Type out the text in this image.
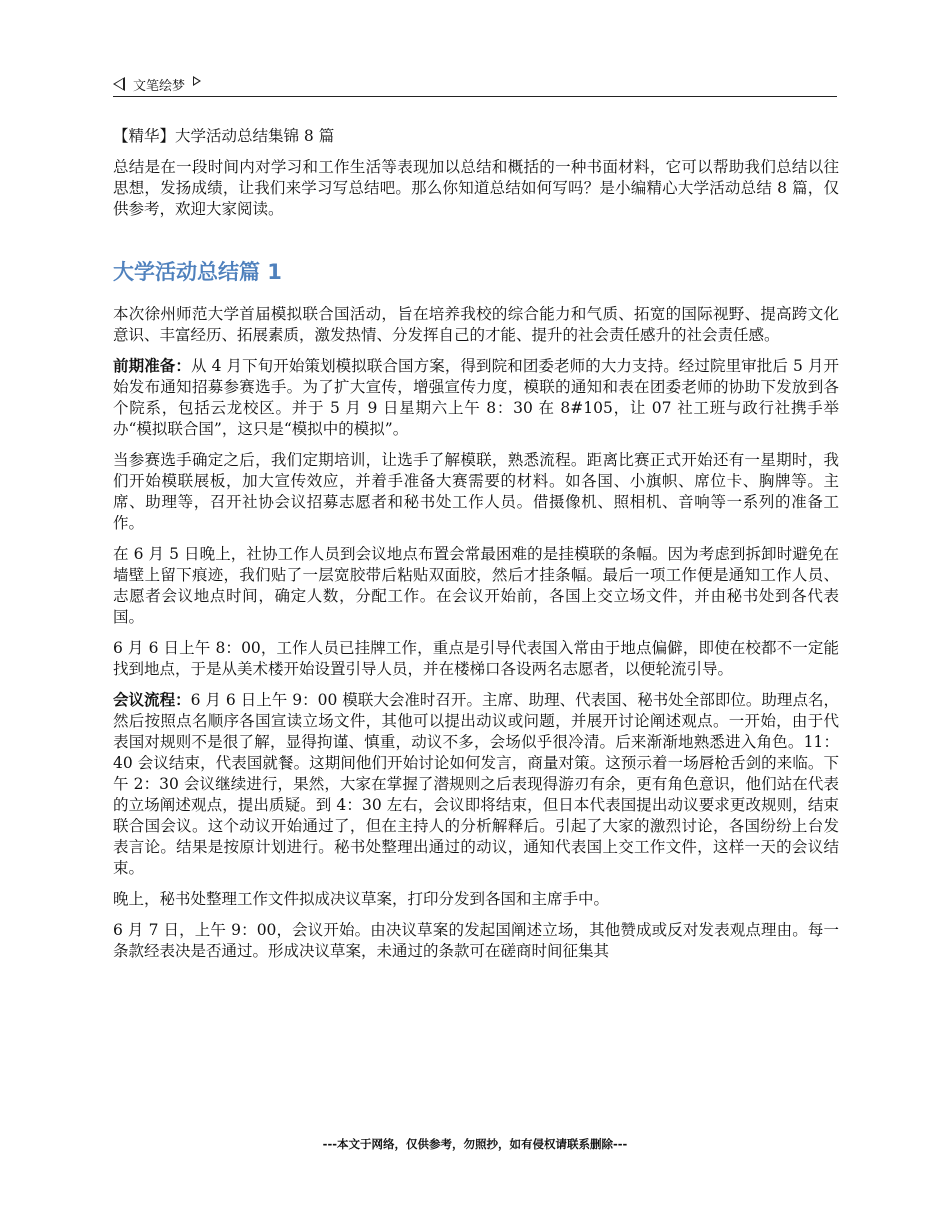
文笔绘梦

【精华】大学活动总结集锦 8 篇

总结是在一段时间内对学习和工作生活等表现加以总结和概括的一种书面材料，它可以帮助我们总结以往思想，发扬成绩，让我们来学习写总结吧。那么你知道总结如何写吗？是小编精心大学活动总结 8 篇，仅供参考，欢迎大家阅读。

大学活动总结篇 1

本次徐州师范大学首届模拟联合国活动，旨在培养我校的综合能力和气质、拓宽的国际视野、提高跨文化意识、丰富经历、拓展素质，激发热情、分发挥自己的才能、提升的社会责任感升的社会责任感。

前期准备：从 4 月下旬开始策划模拟联合国方案，得到院和团委老师的大力支持。经过院里审批后 5 月开始发布通知招募参赛选手。为了扩大宣传，增强宣传力度，模联的通知和表在团委老师的协助下发放到各个院系，包括云龙校区。并于 5 月 9 日星期六上午 8：30 在 8#105，让 07 社工班与政行社携手举办“模拟联合国”，这只是“模拟中的模拟”。

当参赛选手确定之后，我们定期培训，让选手了解模联，熟悉流程。距离比赛正式开始还有一星期时，我们开始模联展板，加大宣传效应，并着手准备大赛需要的材料。如各国、小旗帜、席位卡、胸牌等。主席、助理等，召开社协会议招募志愿者和秘书处工作人员。借摄像机、照相机、音响等一系列的准备工作。

在 6 月 5 日晚上，社协工作人员到会议地点布置会常最困难的是挂模联的条幅。因为考虑到拆卸时避免在墙壁上留下痕迹，我们贴了一层宽胶带后粘贴双面胶，然后才挂条幅。最后一项工作便是通知工作人员、志愿者会议地点时间，确定人数，分配工作。在会议开始前，各国上交立场文件，并由秘书处到各代表国。

6 月 6 日上午 8：00，工作人员已挂牌工作，重点是引导代表国入常由于地点偏僻，即使在校都不一定能找到地点，于是从美术楼开始设置引导人员，并在楼梯口各设两名志愿者，以便轮流引导。

会议流程：6 月 6 日上午 9：00 模联大会准时召开。主席、助理、代表国、秘书处全部即位。助理点名，然后按照点名顺序各国宣读立场文件，其他可以提出动议或问题，并展开讨论阐述观点。一开始，由于代表国对规则不是很了解，显得拘谨、慎重，动议不多，会场似乎很冷清。后来渐渐地熟悉进入角色。11：40 会议结束，代表国就餐。这期间他们开始讨论如何发言，商量对策。这预示着一场唇枪舌剑的来临。下午 2：30 会议继续进行，果然，大家在掌握了潜规则之后表现得游刃有余，更有角色意识，他们站在代表的立场阐述观点，提出质疑。到 4：30 左右，会议即将结束，但日本代表国提出动议要求更改规则，结束联合国会议。这个动议开始通过了，但在主持人的分析解释后。引起了大家的激烈讨论，各国纷纷上台发表言论。结果是按原计划进行。秘书处整理出通过的动议，通知代表国上交工作文件，这样一天的会议结束。

晚上，秘书处整理工作文件拟成决议草案，打印分发到各国和主席手中。

6 月 7 日，上午 9：00，会议开始。由决议草案的发起国阐述立场，其他赞成或反对发表观点理由。每一条款经表决是否通过。形成决议草案，未通过的条款可在磋商时间征集其

---本文于网络，仅供参考，勿照抄，如有侵权请联系删除---
